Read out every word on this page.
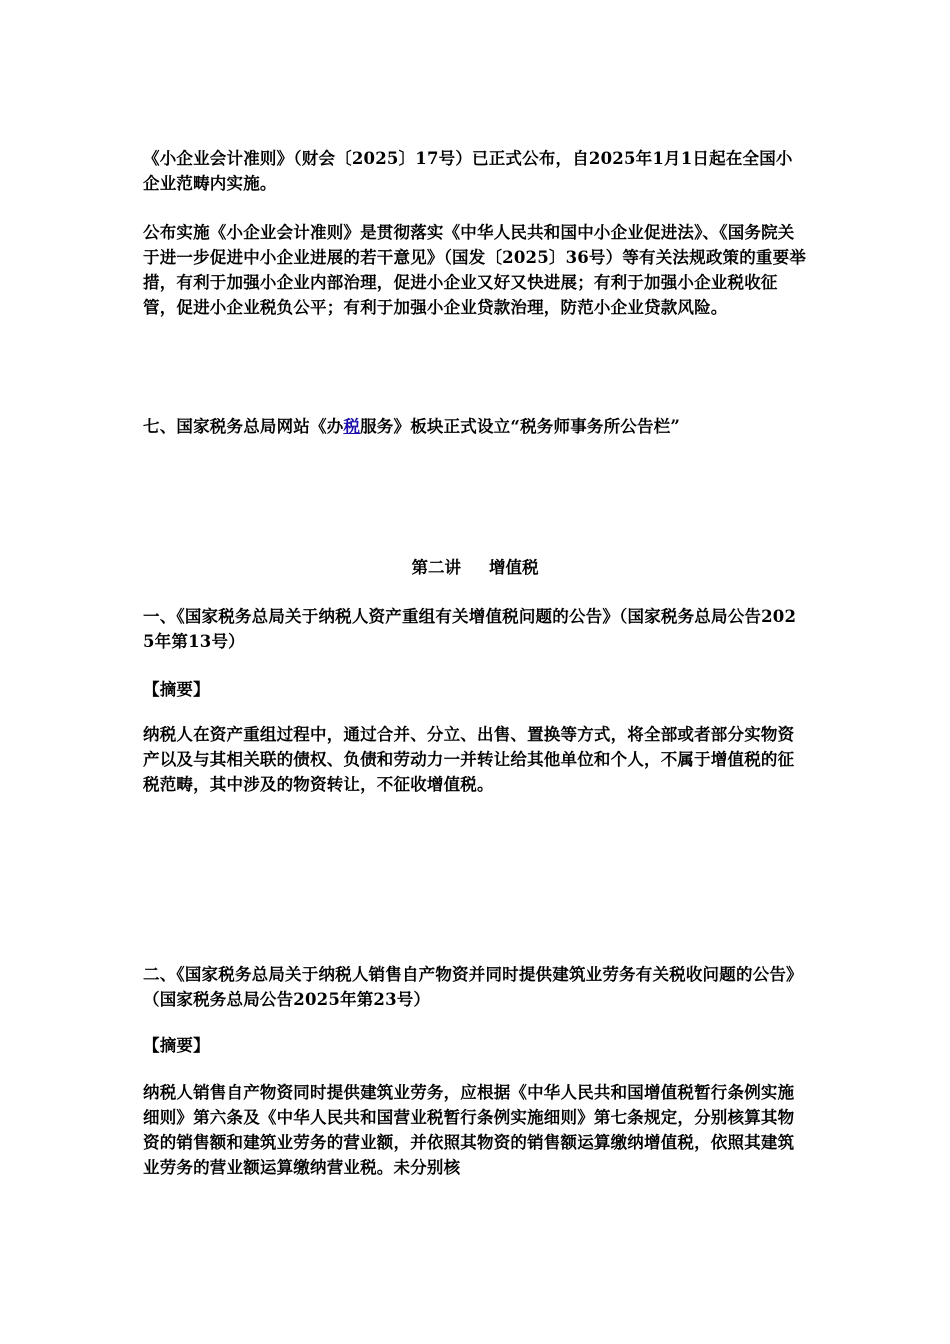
《小企业会计准则》（财会〔2025〕17号）已正式公布，自2025年1月1日起在全国小企业范畴内实施。

公布实施《小企业会计准则》是贯彻落实《中华人民共和国中小企业促进法》、《国务院关于进一步促进中小企业进展的若干意见》（国发〔2025〕36号）等有关法规政策的重要举措，有利于加强小企业内部治理，促进小企业又好又快进展；有利于加强小企业税收征管，促进小企业税负公平；有利于加强小企业贷款治理，防范小企业贷款风险。

七、国家税务总局网站《办税服务》板块正式设立“税务师事务所公告栏”

第二讲 增值税

一、《国家税务总局关于纳税人资产重组有关增值税问题的公告》（国家税务总局公告2025年第13号）

【摘要】

纳税人在资产重组过程中，通过合并、分立、出售、置换等方式，将全部或者部分实物资产以及与其相关联的债权、负债和劳动力一并转让给其他单位和个人，不属于增值税的征税范畴，其中涉及的物资转让，不征收增值税。

二、《国家税务总局关于纳税人销售自产物资并同时提供建筑业劳务有关税收问题的公告》（国家税务总局公告2025年第23号）

【摘要】

纳税人销售自产物资同时提供建筑业劳务，应根据《中华人民共和国增值税暂行条例实施细则》第六条及《中华人民共和国营业税暂行条例实施细则》第七条规定，分别核算其物资的销售额和建筑业劳务的营业额，并依照其物资的销售额运算缴纳增值税，依照其建筑业劳务的营业额运算缴纳营业税。未分别核
